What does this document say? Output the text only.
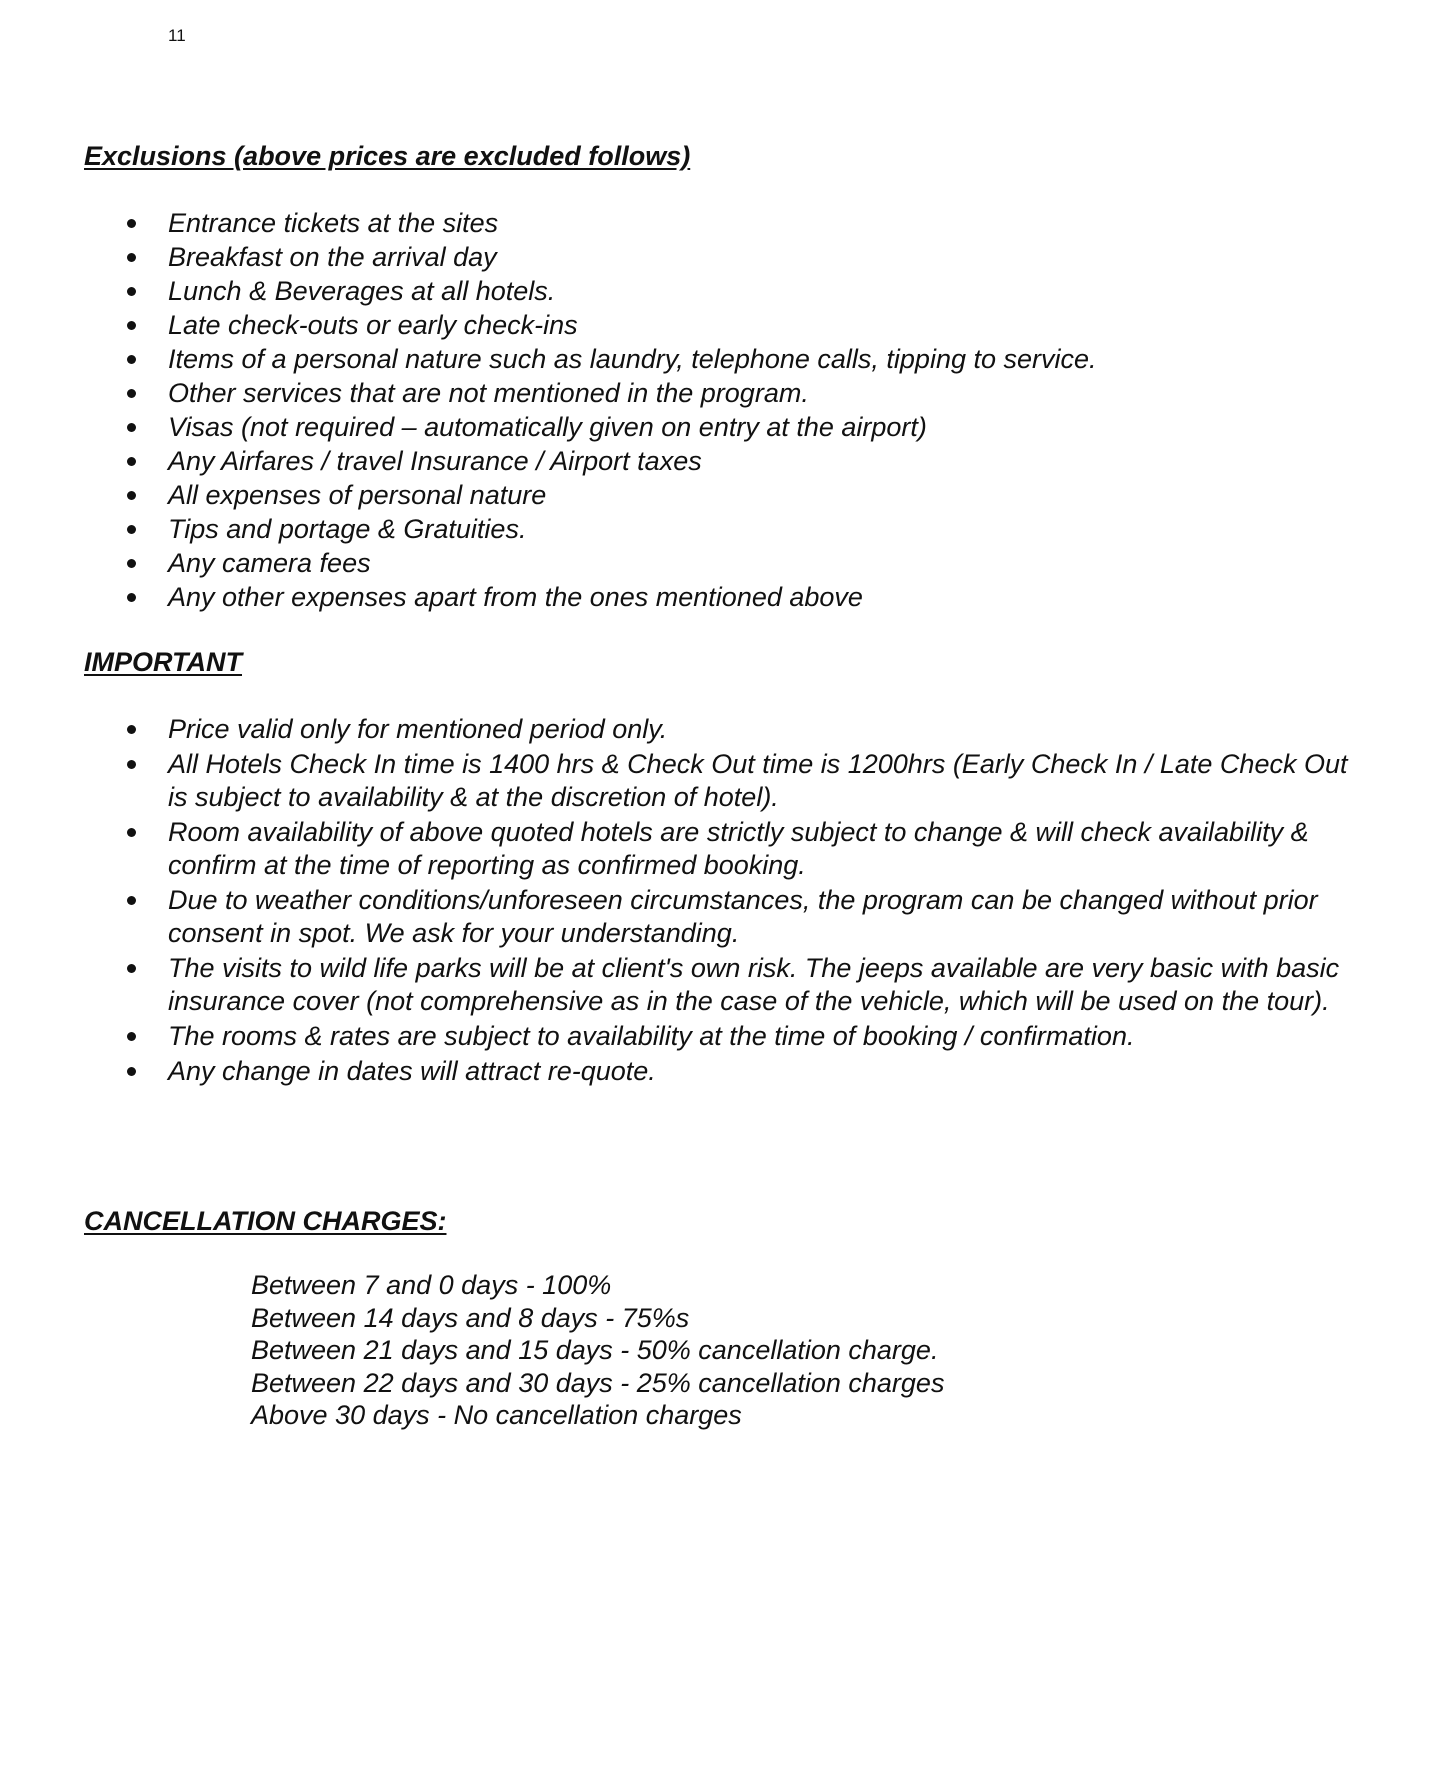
11
Exclusions (above prices are excluded follows)
Entrance tickets at the sites
Breakfast on the arrival day
Lunch & Beverages at all hotels.
Late check-outs or early check-ins
Items of a personal nature such as laundry, telephone calls, tipping to service.
Other services that are not mentioned in the program.
Visas (not required – automatically given on entry at the airport)
Any Airfares / travel Insurance / Airport taxes
All expenses of personal nature
Tips and portage & Gratuities.
Any camera fees
Any other expenses apart from the ones mentioned above
IMPORTANT
Price valid only for mentioned period only.
All Hotels Check In time is 1400 hrs & Check Out time is 1200hrs (Early Check In / Late Check Out is subject to availability & at the discretion of hotel).
Room availability of above quoted hotels are strictly subject to change & will check availability & confirm at the time of reporting as confirmed booking.
Due to weather conditions/unforeseen circumstances, the program can be changed without prior consent in spot. We ask for your understanding.
The visits to wild life parks will be at client's own risk. The jeeps available are very basic with basic insurance cover (not comprehensive as in the case of the vehicle, which will be used on the tour).
The rooms & rates are subject to availability at the time of booking / confirmation.
Any change in dates will attract re-quote.
CANCELLATION CHARGES:
Between 7 and 0 days - 100%
Between 14 days and 8 days - 75%s
Between 21 days and 15 days - 50% cancellation charge.
Between 22 days and 30 days - 25% cancellation charges
Above 30 days - No cancellation charges
